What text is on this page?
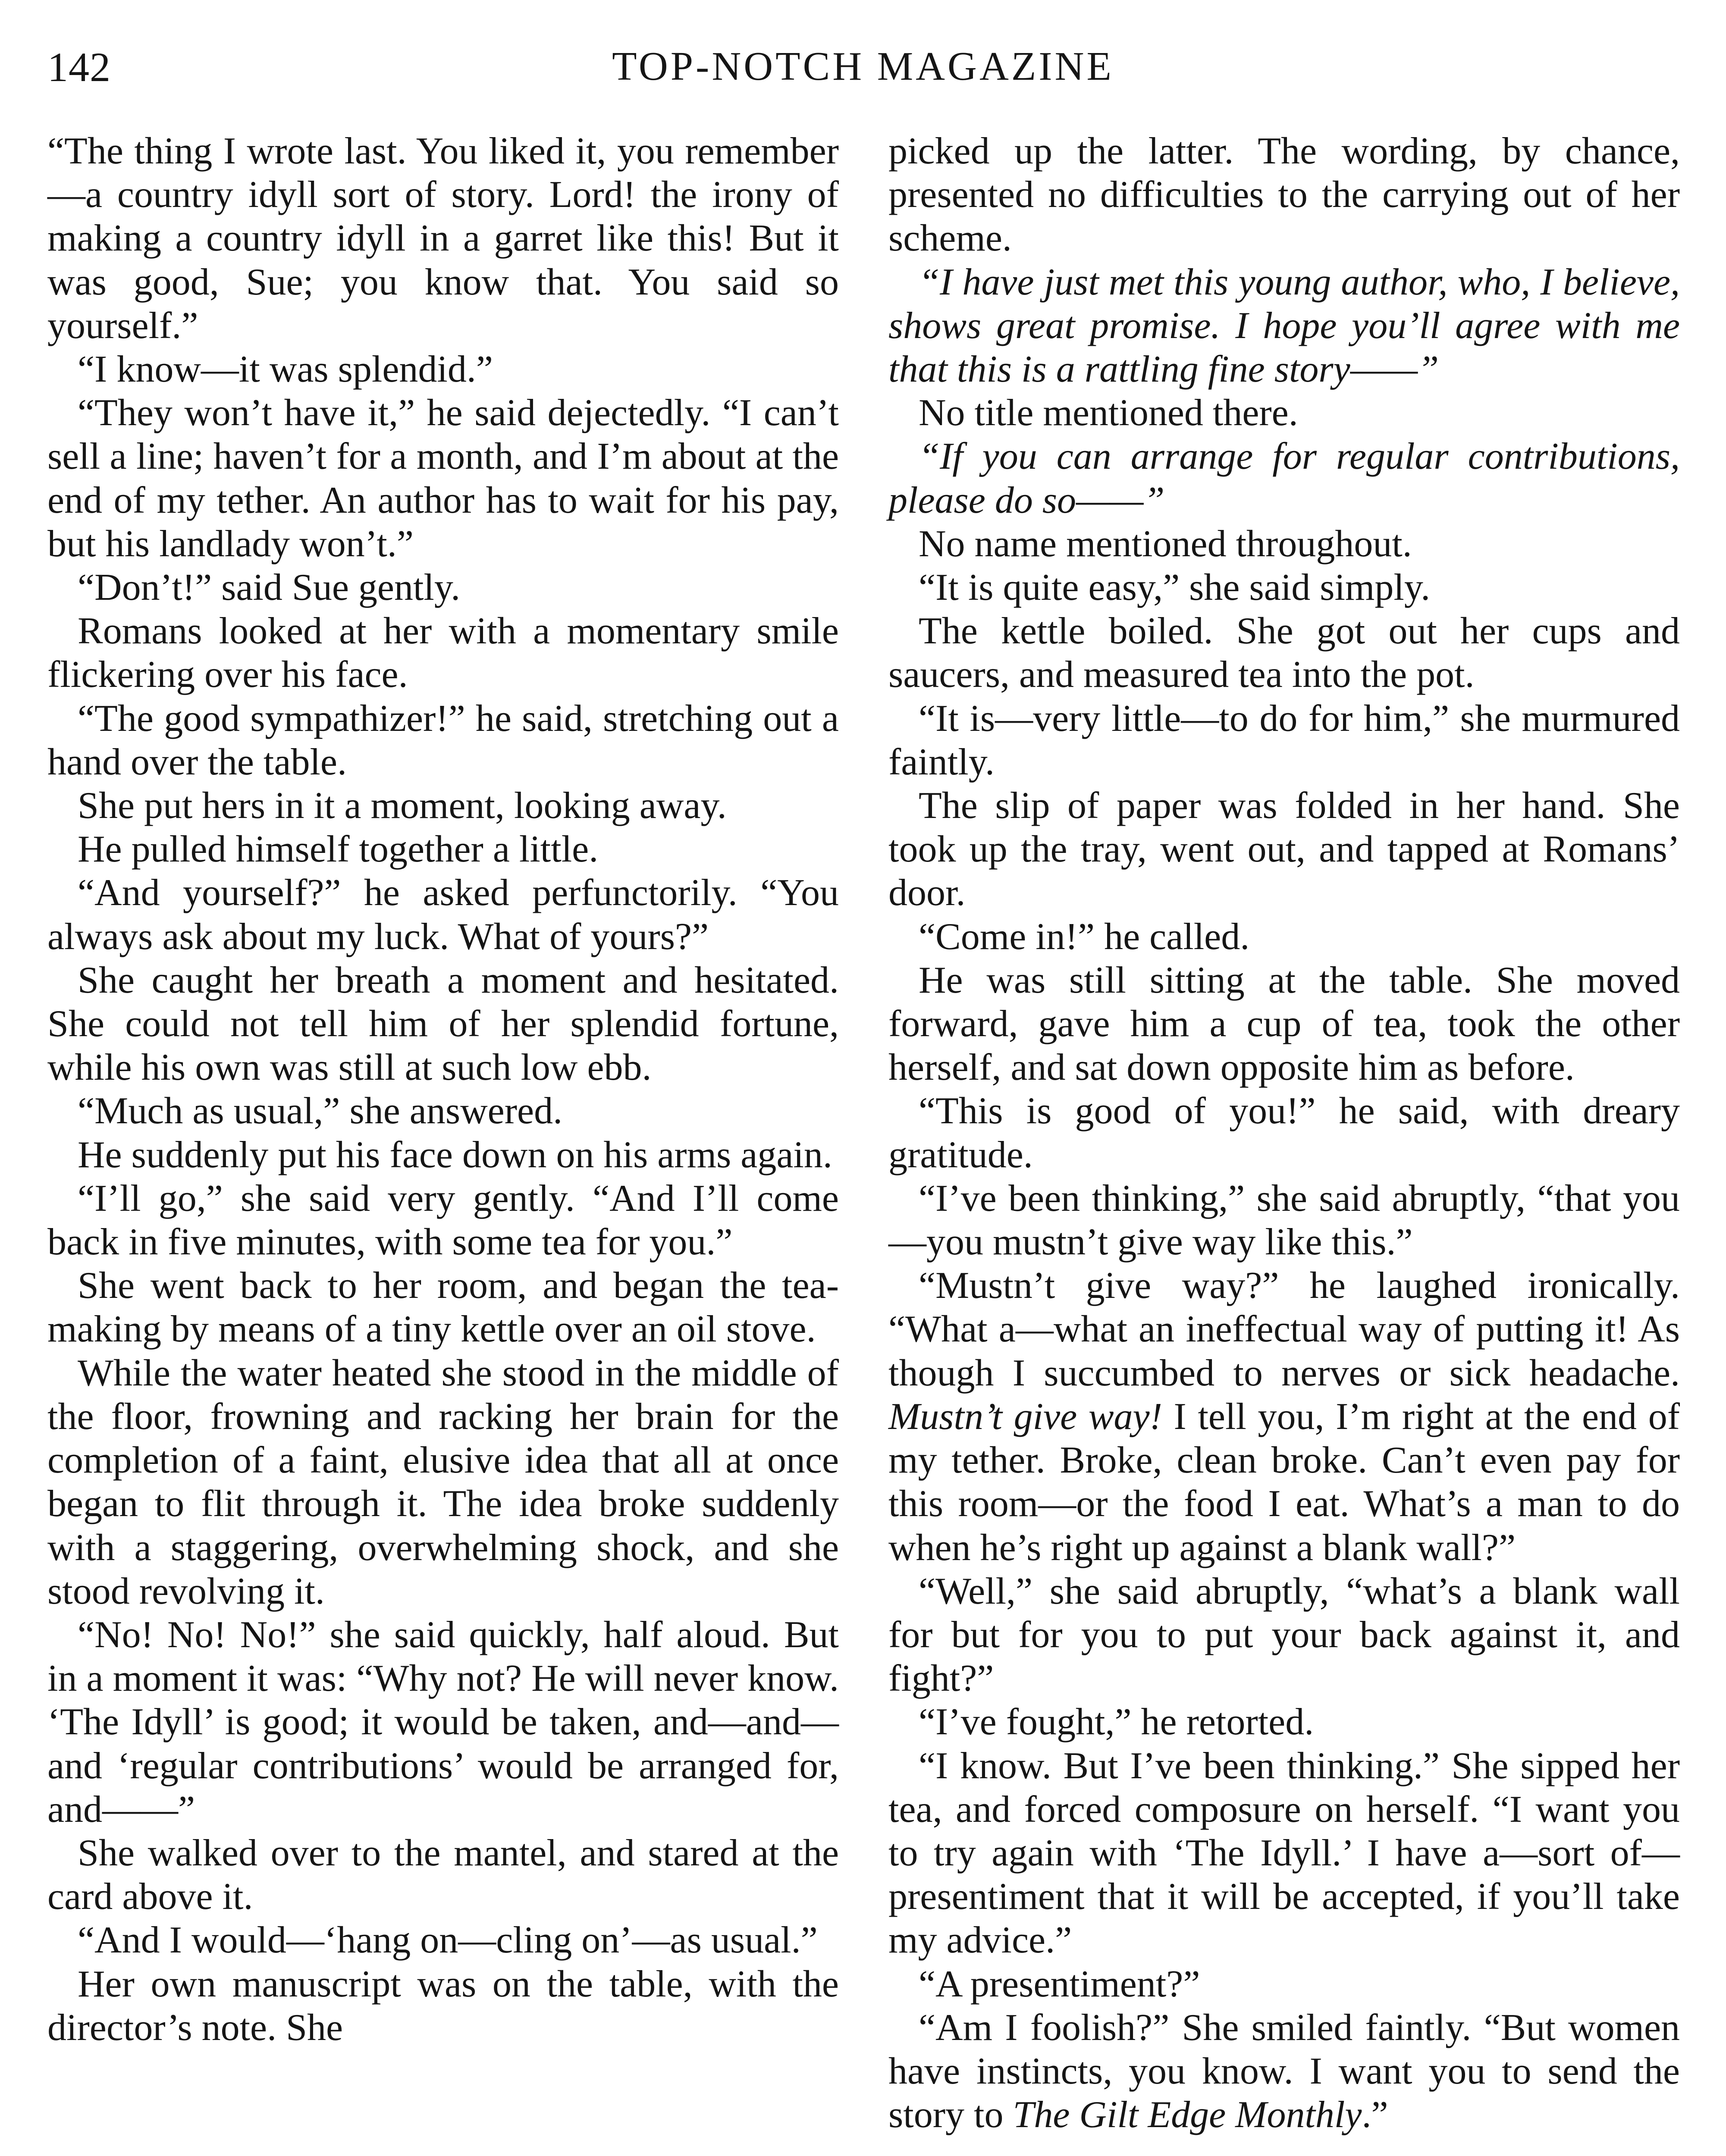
142	TOP-NOTCH MAGAZINE

“The thing I wrote last. You liked it, you remember—a country idyll sort of story. Lord! the irony of making a country idyll in a garret like this! But it was good, Sue; you know that. You said so yourself.”

“I know—it was splendid.”

“They won’t have it,” he said dejectedly. “I can’t sell a line; haven’t for a month, and I’m about at the end of my tether. An author has to wait for his pay, but his landlady won’t.”

“Don’t!” said Sue gently.

Romans looked at her with a momentary smile flickering over his face.

“The good sympathizer!” he said, stretching out a hand over the table.

She put hers in it a moment, looking away.

He pulled himself together a little.

“And yourself?” he asked perfunctorily. “You always ask about my luck. What of yours?”

She caught her breath a moment and hesitated. She could not tell him of her splendid fortune, while his own was still at such low ebb.

“Much as usual,” she answered.

He suddenly put his face down on his arms again.

“I’ll go,” she said very gently. “And I’ll come back in five minutes, with some tea for you.”

She went back to her room, and began the tea-making by means of a tiny kettle over an oil stove.

While the water heated she stood in the middle of the floor, frowning and racking her brain for the completion of a faint, elusive idea that all at once began to flit through it. The idea broke suddenly with a staggering, overwhelming shock, and she stood revolving it.

“No! No! No!” she said quickly, half aloud. But in a moment it was: “Why not? He will never know. ‘The Idyll’ is good; it would be taken, and—and—and ‘regular contributions’ would be arranged for, and——”

She walked over to the mantel, and stared at the card above it.

“And I would—‘hang on—cling on’—as usual.”

Her own manuscript was on the table, with the director’s note. She

picked up the latter. The wording, by chance, presented no difficulties to the carrying out of her scheme.

“I have just met this young author, who, I believe, shows great promise. I hope you’ll agree with me that this is a rattling fine story——”

No title mentioned there.

“If you can arrange for regular contributions, please do so——”

No name mentioned throughout.

“It is quite easy,” she said simply.

The kettle boiled. She got out her cups and saucers, and measured tea into the pot.

“It is—very little—to do for him,” she murmured faintly.

The slip of paper was folded in her hand. She took up the tray, went out, and tapped at Romans’ door.

“Come in!” he called.

He was still sitting at the table. She moved forward, gave him a cup of tea, took the other herself, and sat down opposite him as before.

“This is good of you!” he said, with dreary gratitude.

“I’ve been thinking,” she said abruptly, “that you—you mustn’t give way like this.”

“Mustn’t give way?” he laughed ironically. “What a—what an ineffectual way of putting it! As though I succumbed to nerves or sick headache. Mustn’t give way! I tell you, I’m right at the end of my tether. Broke, clean broke. Can’t even pay for this room—or the food I eat. What’s a man to do when he’s right up against a blank wall?”

“Well,” she said abruptly, “what’s a blank wall for but for you to put your back against it, and fight?”

“I’ve fought,” he retorted.

“I know. But I’ve been thinking.” She sipped her tea, and forced composure on herself. “I want you to try again with ‘The Idyll.’ I have a—sort of—presentiment that it will be accepted, if you’ll take my advice.”

“A presentiment?”

“Am I foolish?” She smiled faintly. “But women have instincts, you know. I want you to send the story to The Gilt Edge Monthly.”
